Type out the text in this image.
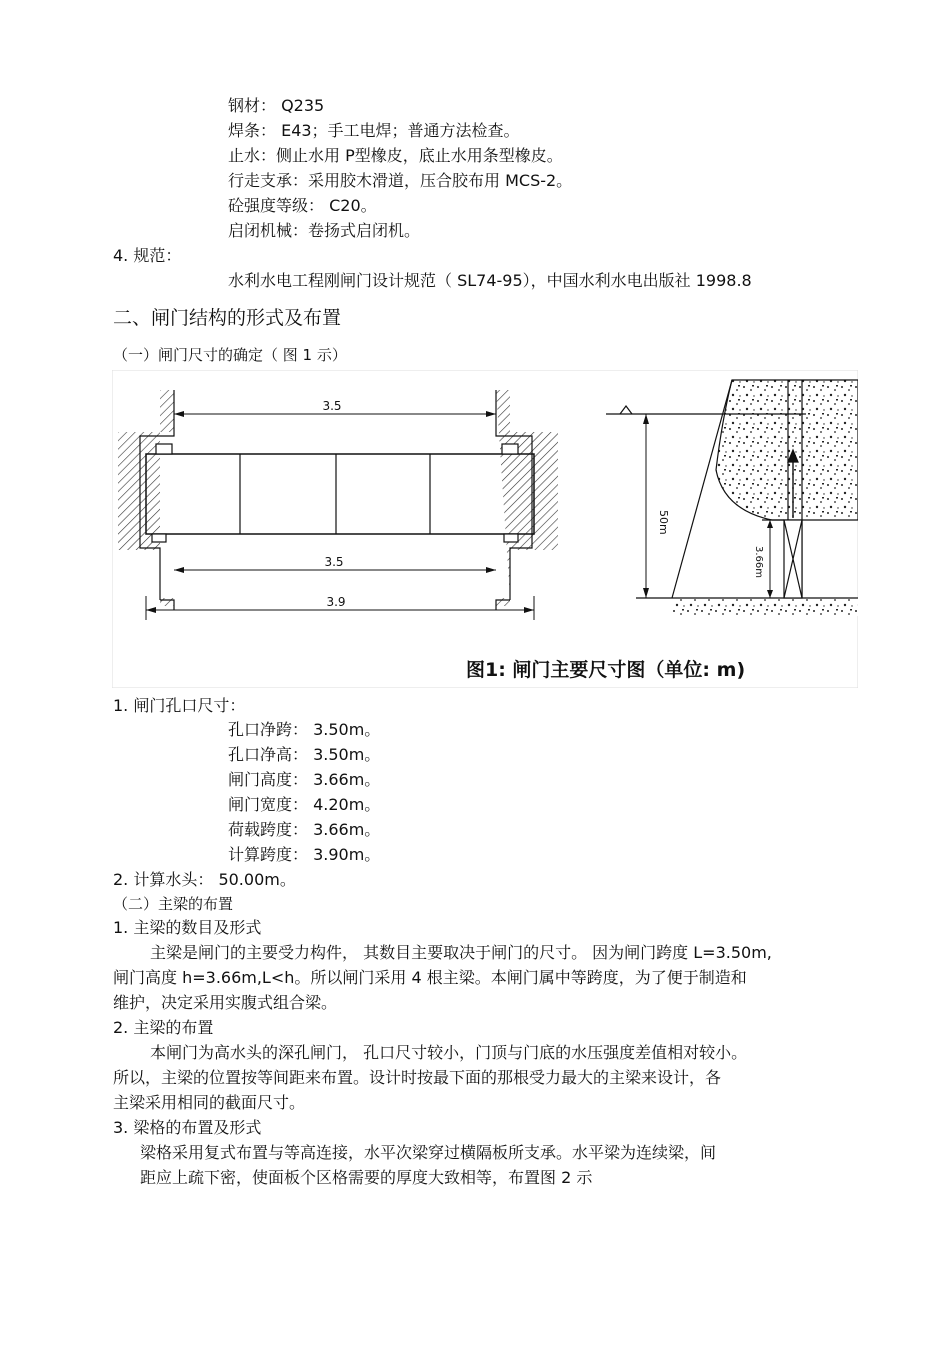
钢材： Q235
焊条： E43；手工电焊；普通方法检查。
止水：侧止水用 P型橡皮，底止水用条型橡皮。
行走支承：采用胶木滑道，压合胶布用 MCS-2。
砼强度等级： C20。
启闭机械：卷扬式启闭机。
4. 规范：
水利水电工程刚闸门设计规范（ SL74-95），中国水利水电出版社 1998.8
二、闸门结构的形式及布置
（一）闸门尺寸的确定（ 图 1 示）
3.5
3.5
3.9
50m
3.66m
图1: 闸门主要尺寸图（单位: m)
1. 闸门孔口尺寸：
孔口净跨： 3.50m。
孔口净高： 3.50m。
闸门高度： 3.66m。
闸门宽度： 4.20m。
荷载跨度： 3.66m。
计算跨度： 3.90m。
2. 计算水头： 50.00m。
（二）主梁的布置
1. 主梁的数目及形式
主梁是闸门的主要受力构件， 其数目主要取决于闸门的尺寸。 因为闸门跨度 L=3.50m,
闸门高度 h=3.66m,L<h。所以闸门采用 4 根主梁。本闸门属中等跨度，为了便于制造和
维护，决定采用实腹式组合梁。
2. 主梁的布置
本闸门为高水头的深孔闸门， 孔口尺寸较小，门顶与门底的水压强度差值相对较小。
所以，主梁的位置按等间距来布置。设计时按最下面的那根受力最大的主梁来设计，各
主梁采用相同的截面尺寸。
3. 梁格的布置及形式
梁格采用复式布置与等高连接，水平次梁穿过横隔板所支承。水平梁为连续梁，间
距应上疏下密，使面板个区格需要的厚度大致相等，布置图 2 示
